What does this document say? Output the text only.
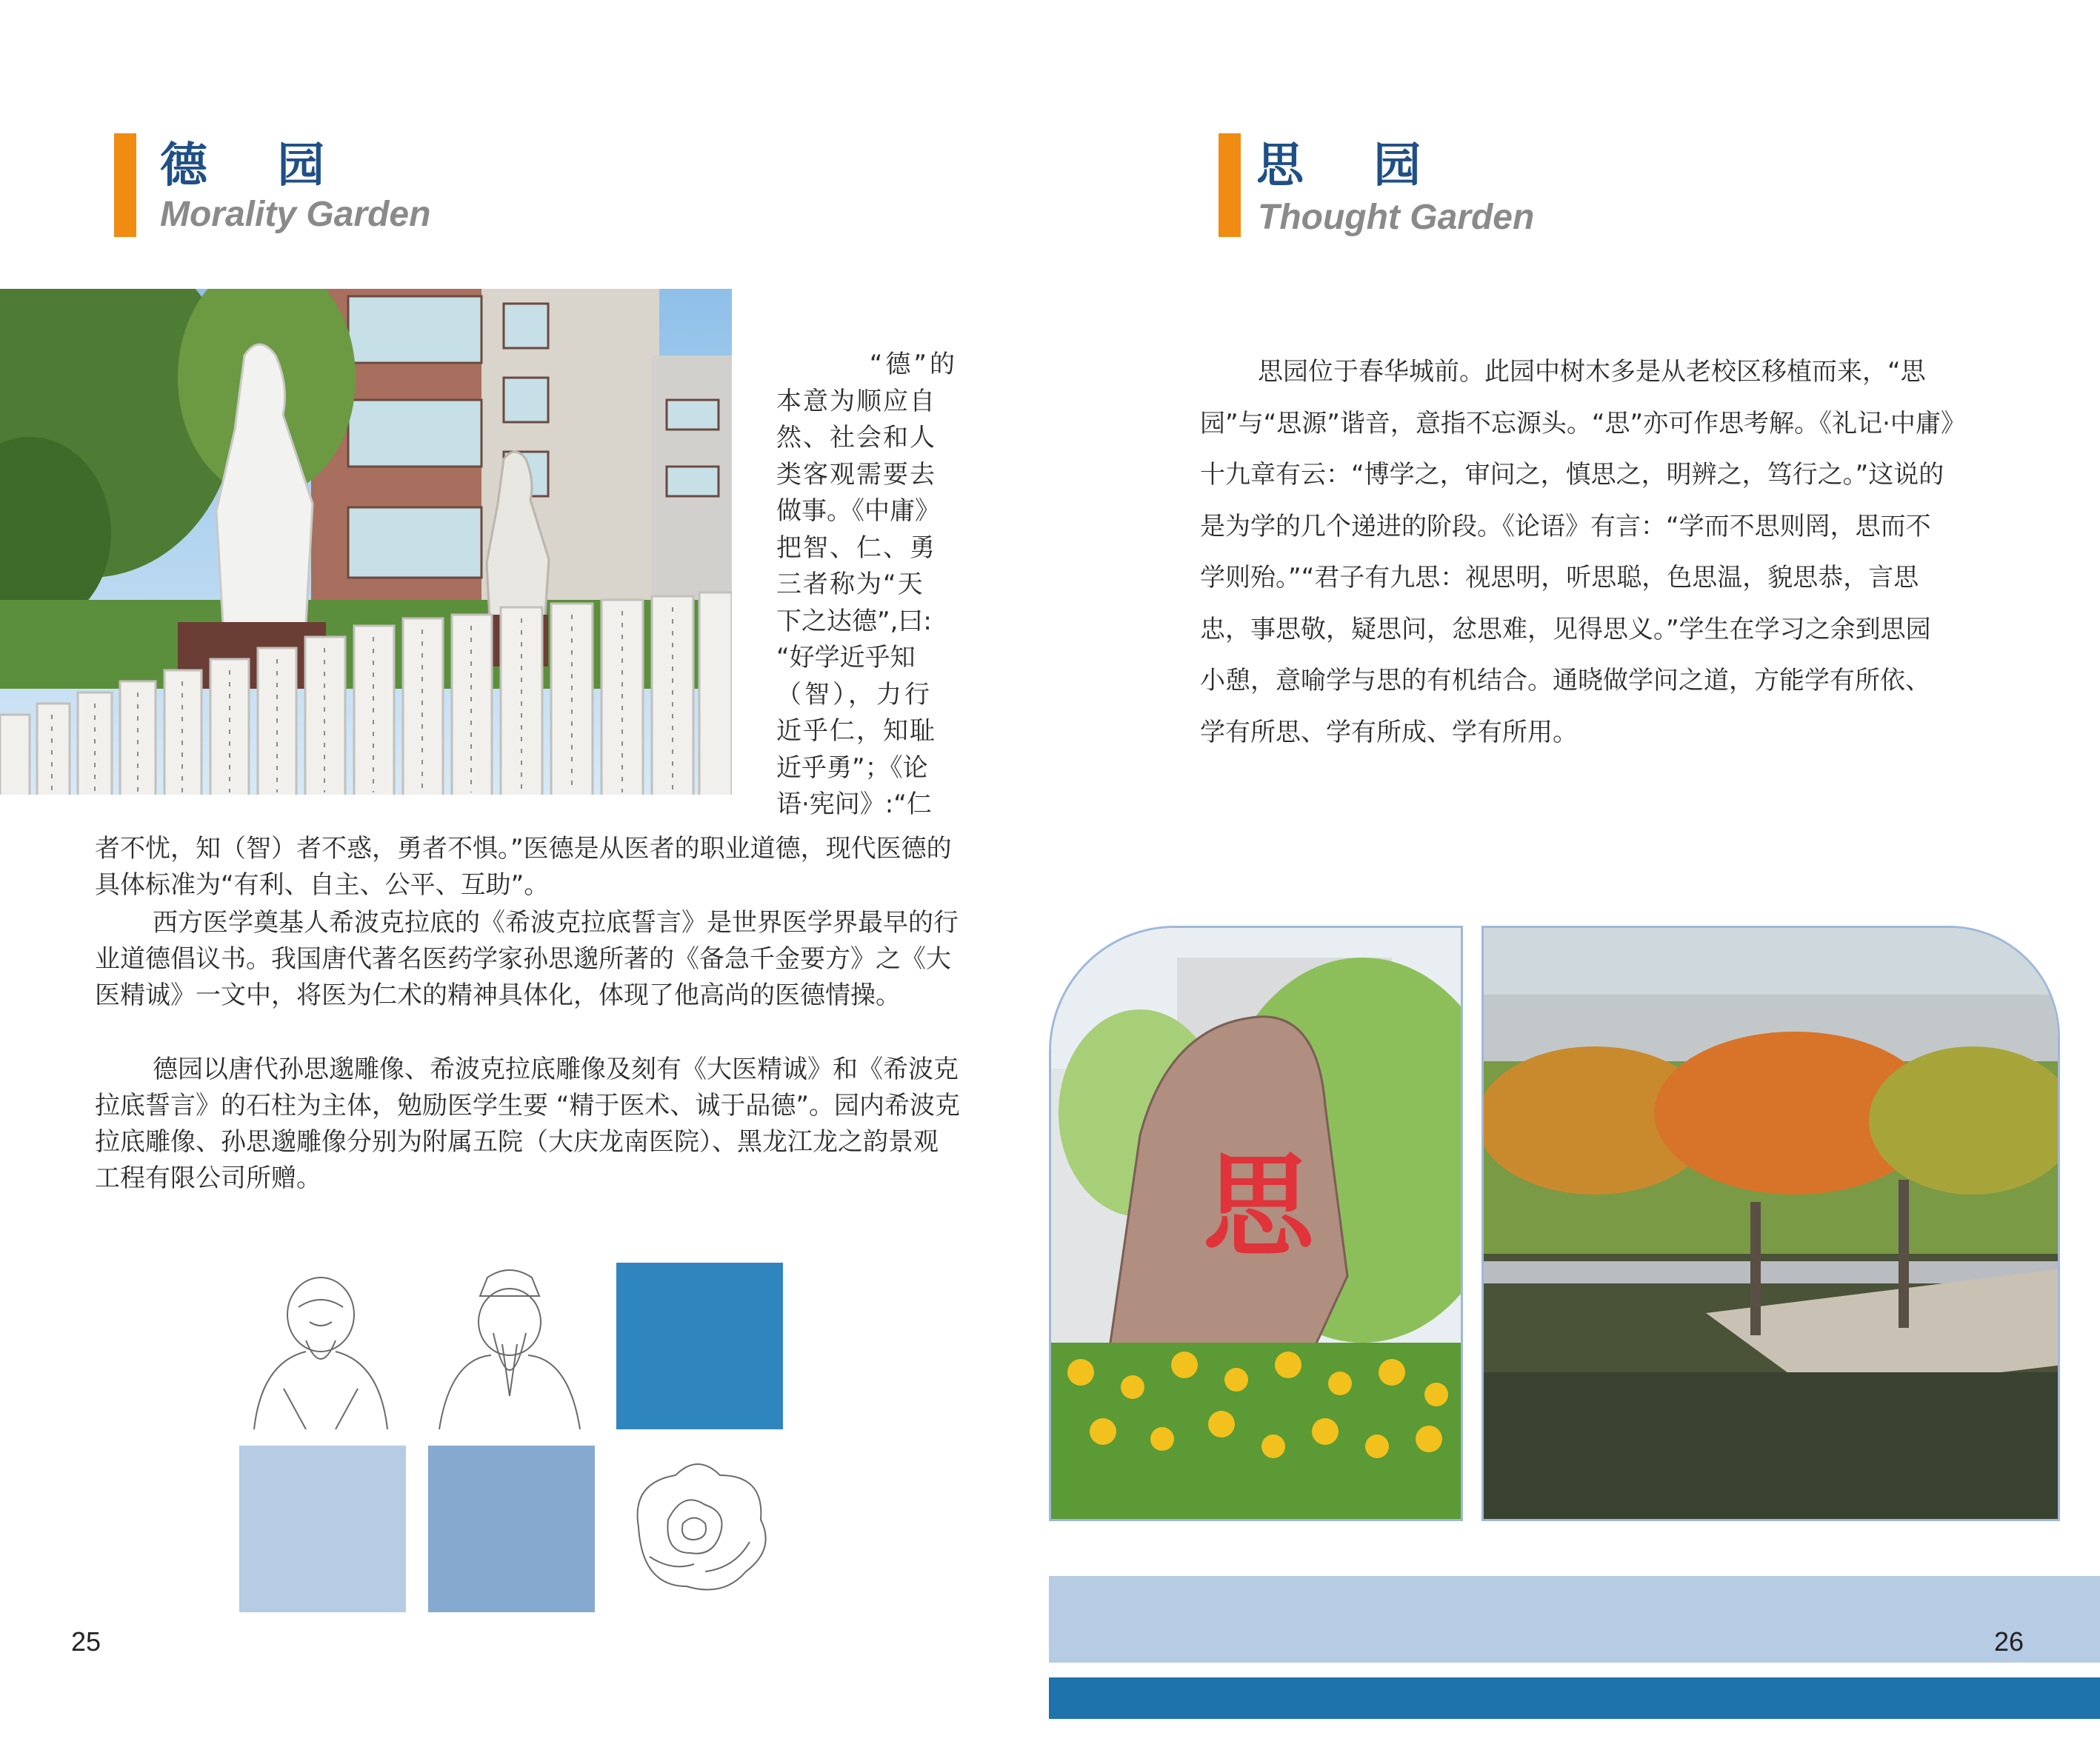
德 园
Morality Garden
“德”的
本意为顺应自
然、社会和人
类客观需要去
做事。《中庸》
把智、仁、勇
三者称为“天
下之达德”,曰:
“好学近乎知
（智），力行
近乎仁，知耻
近乎勇”；《论
语·宪问》:“仁

者不忧，知（智）者不惑，勇者不惧。”医德是从医者的职业道德，现代医德的具体标准为“有利、自主、公平、互助”。

西方医学奠基人希波克拉底的《希波克拉底誓言》是世界医学界最早的行业道德倡议书。我国唐代著名医药学家孙思邈所著的《备急千金要方》之《大医精诚》一文中，将医为仁术的精神具体化，体现了他高尚的医德情操。

德园以唐代孙思邈雕像、希波克拉底雕像及刻有《大医精诚》和《希波克拉底誓言》的石柱为主体，勉励医学生要 “精于医术、诚于品德”。园内希波克拉底雕像、孙思邈雕像分别为附属五院（大庆龙南医院）、黑龙江龙之韵景观工程有限公司所赠。

25
思 园
Thought Garden

思园位于春华城前。此园中树木多是从老校区移植而来，“思园”与“思源”谐音，意指不忘源头。“思”亦可作思考解。《礼记·中庸》十九章有云：“博学之，审问之，慎思之，明辨之，笃行之。”这说的是为学的几个递进的阶段。《论语》有言：“学而不思则罔，思而不学则殆。”“君子有九思：视思明，听思聪，色思温，貌思恭，言思忠，事思敬，疑思问，忿思难，见得思义。”学生在学习之余到思园小憩，意喻学与思的有机结合。通晓做学问之道，方能学有所依、学有所思、学有所成、学有所用。

思
26
